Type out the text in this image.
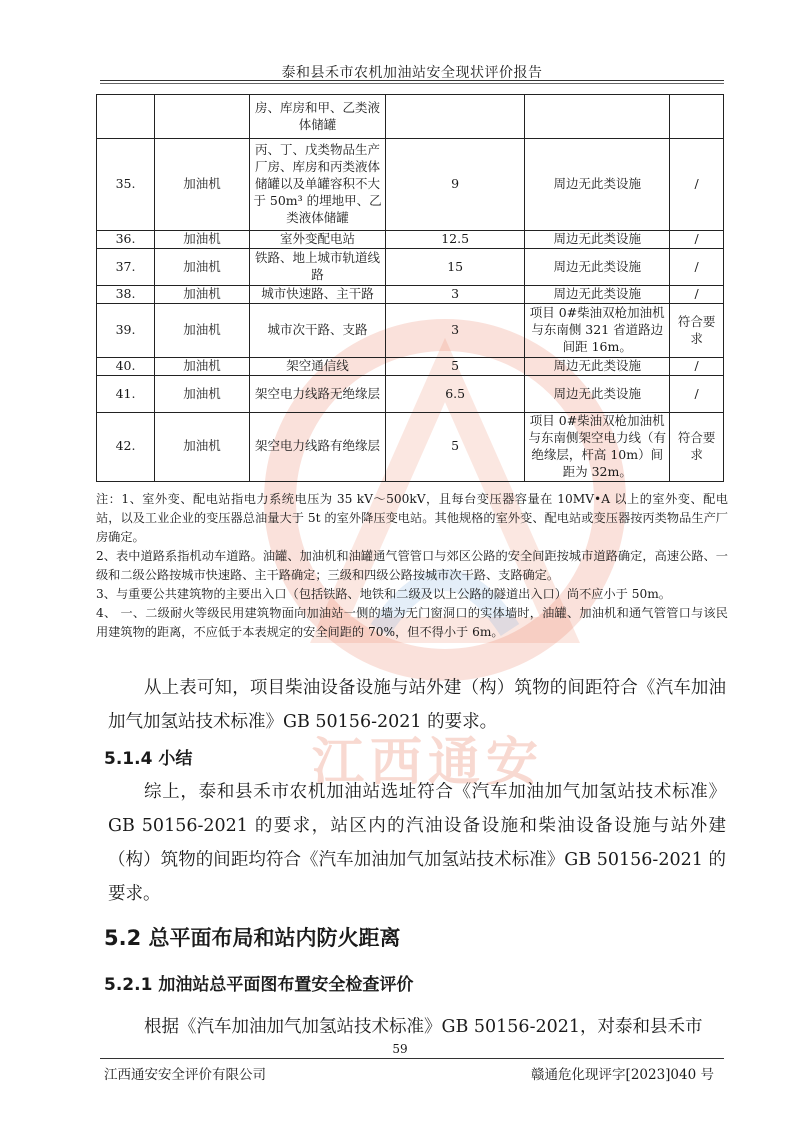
泰和县禾市农机加油站安全现状评价报告
江西通安
		房、库房和甲、乙类液体储罐			
35.	加油机	丙、丁、戊类物品生产厂房、库房和丙类液体储罐以及单罐容积不大于 50m³ 的埋地甲、乙类液体储罐	9	周边无此类设施	/
36.	加油机	室外变配电站	12.5	周边无此类设施	/
37.	加油机	铁路、地上城市轨道线路	15	周边无此类设施	/
38.	加油机	城市快速路、主干路	3	周边无此类设施	/
39.	加油机	城市次干路、支路	3	项目 0#柴油双枪加油机与东南侧 321 省道路边间距 16m。	符合要求
40.	加油机	架空通信线	5	周边无此类设施	/
41.	加油机	架空电力线路无绝缘层	6.5	周边无此类设施	/
42.	加油机	架空电力线路有绝缘层	5	项目 0#柴油双枪加油机与东南侧架空电力线（有绝缘层，杆高 10m）间距为 32m。	符合要求

注：1、室外变、配电站指电力系统电压为 35 kV～500kV，且每台变压器容量在 10MV•A 以上的室外变、配电站，以及工业企业的变压器总油量大于 5t 的室外降压变电站。其他规格的室外变、配电站或变压器按丙类物品生产厂房确定。

2、表中道路系指机动车道路。油罐、加油机和油罐通气管管口与郊区公路的安全间距按城市道路确定，高速公路、一级和二级公路按城市快速路、主干路确定；三级和四级公路按城市次干路、支路确定。

3、与重要公共建筑物的主要出入口（包括铁路、地铁和二级及以上公路的隧道出入口）尚不应小于 50m。

4、 一、二级耐火等级民用建筑物面向加油站一侧的墙为无门窗洞口的实体墙时，油罐、加油机和通气管管口与该民用建筑物的距离，不应低于本表规定的安全间距的 70%，但不得小于 6m。

从上表可知，项目柴油设备设施与站外建（构）筑物的间距符合《汽车加油加气加氢站技术标准》GB 50156-2021 的要求。
5.1.4 小结
综上，泰和县禾市农机加油站选址符合《汽车加油加气加氢站技术标准》GB 50156-2021 的要求，站区内的汽油设备设施和柴油设备设施与站外建（构）筑物的间距均符合《汽车加油加气加氢站技术标准》GB 50156-2021 的要求。
5.2 总平面布局和站内防火距离
5.2.1 加油站总平面图布置安全检查评价
根据《汽车加油加气加氢站技术标准》GB 50156-2021，对泰和县禾市
59
江西通安安全评价有限公司	赣通危化现评字[2023]040 号
